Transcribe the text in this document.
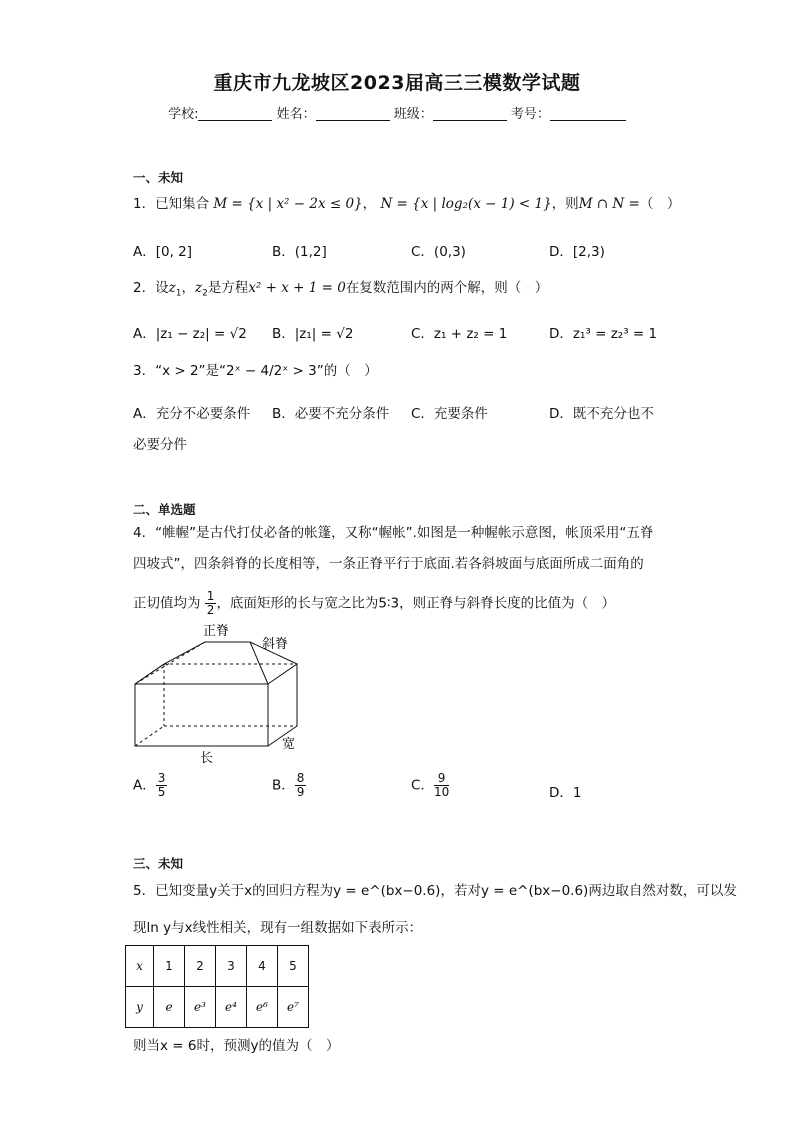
重庆市九龙坡区2023届高三三模数学试题
学校:	姓名：	班级：	考号：
一、未知
1．已知集合 M = {x | x² − 2x ≤ 0}， N = {x | log₂(x − 1) < 1}，则M ∩ N =（　）
A．[0, 2]	B．(1,2]	C．(0,3)	D．[2,3)
2．设$z_1$，$z_2$是方程x² + x + 1 = 0在复数范围内的两个解，则（　）
A．|z₁ − z₂| = √2 B．|z₁| = √2	C．z₁ + z₂ = 1	D．z₁³ = z₂³ = 1
3．“x > 2”是“2ˣ − 4/2ˣ > 3”的（　）
A．充分不必要条件 B．必要不充分条件 C．充要条件	D．既不充分也不
必要分件
二、单选题
4．“帷幄”是古代打仗必备的帐篷，又称“幄帐”.如图是一种幄帐示意图，帐顶采用“五脊
四坡式”，四条斜脊的长度相等，一条正脊平行于底面.若各斜坡面与底面所成二面角的
正切值均为 $\frac{1}{2}$ ，底面矩形的长与宽之比为5∶3，则正脊与斜脊长度的比值为（　）
正脊
斜脊
长
宽
A． $\frac{3}{5}$	B． $\frac{8}{9}$	C． $\frac{9}{10}$	D．1
三、未知
5．已知变量y关于x的回归方程为y = e^(bx−0.6)，若对y = e^(bx−0.6)两边取自然对数，可以发
现ln y与x线性相关，现有一组数据如下表所示：
x	1	2	3	4	5
y	e	e³	e⁴	e⁶	e⁷
则当x = 6时，预测y的值为（　）
